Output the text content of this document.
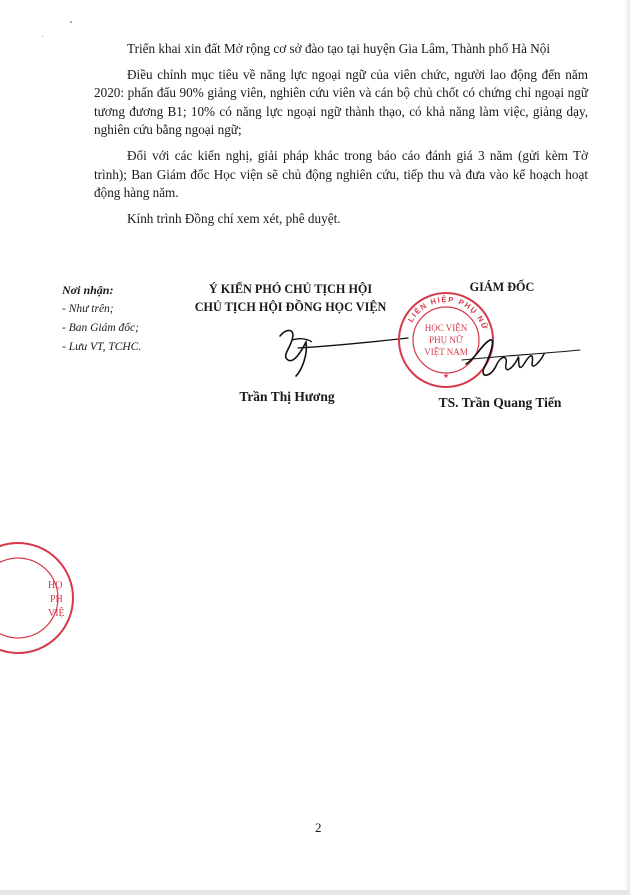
Triển khai xin đất Mở rộng cơ sở đào tạo tại huyện Gia Lâm, Thành phố Hà Nội

Điều chỉnh mục tiêu về năng lực ngoại ngữ của viên chức, người lao động đến năm 2020: phấn đấu 90% giảng viên, nghiên cứu viên và cán bộ chủ chốt có chứng chỉ ngoại ngữ tương đương B1; 10% có năng lực ngoại ngữ thành thạo, có khả năng làm việc, giảng dạy, nghiên cứu bằng ngoại ngữ;

Đối với các kiến nghị, giải pháp khác trong báo cáo đánh giá 3 năm (gửi kèm Tờ trình); Ban Giám đốc Học viện sẽ chủ động nghiên cứu, tiếp thu và đưa vào kế hoạch hoạt động hàng năm.

Kính trình Đồng chí xem xét, phê duyệt.

Nơi nhận:
- Như trên;
- Ban Giám đốc;
- Lưu VT, TCHC.
Ý KIẾN PHÓ CHỦ TỊCH HỘI
CHỦ TỊCH HỘI ĐỒNG HỌC VIỆN
GIÁM ĐỐC
Trần Thị Hương
LIÊN HIỆP PHỤ NỮ
HỌC VIỆN
PHỤ NỮ
VIỆT NAM
★
TS. Trần Quang Tiến
HỌ
PH
VIỆ
2
